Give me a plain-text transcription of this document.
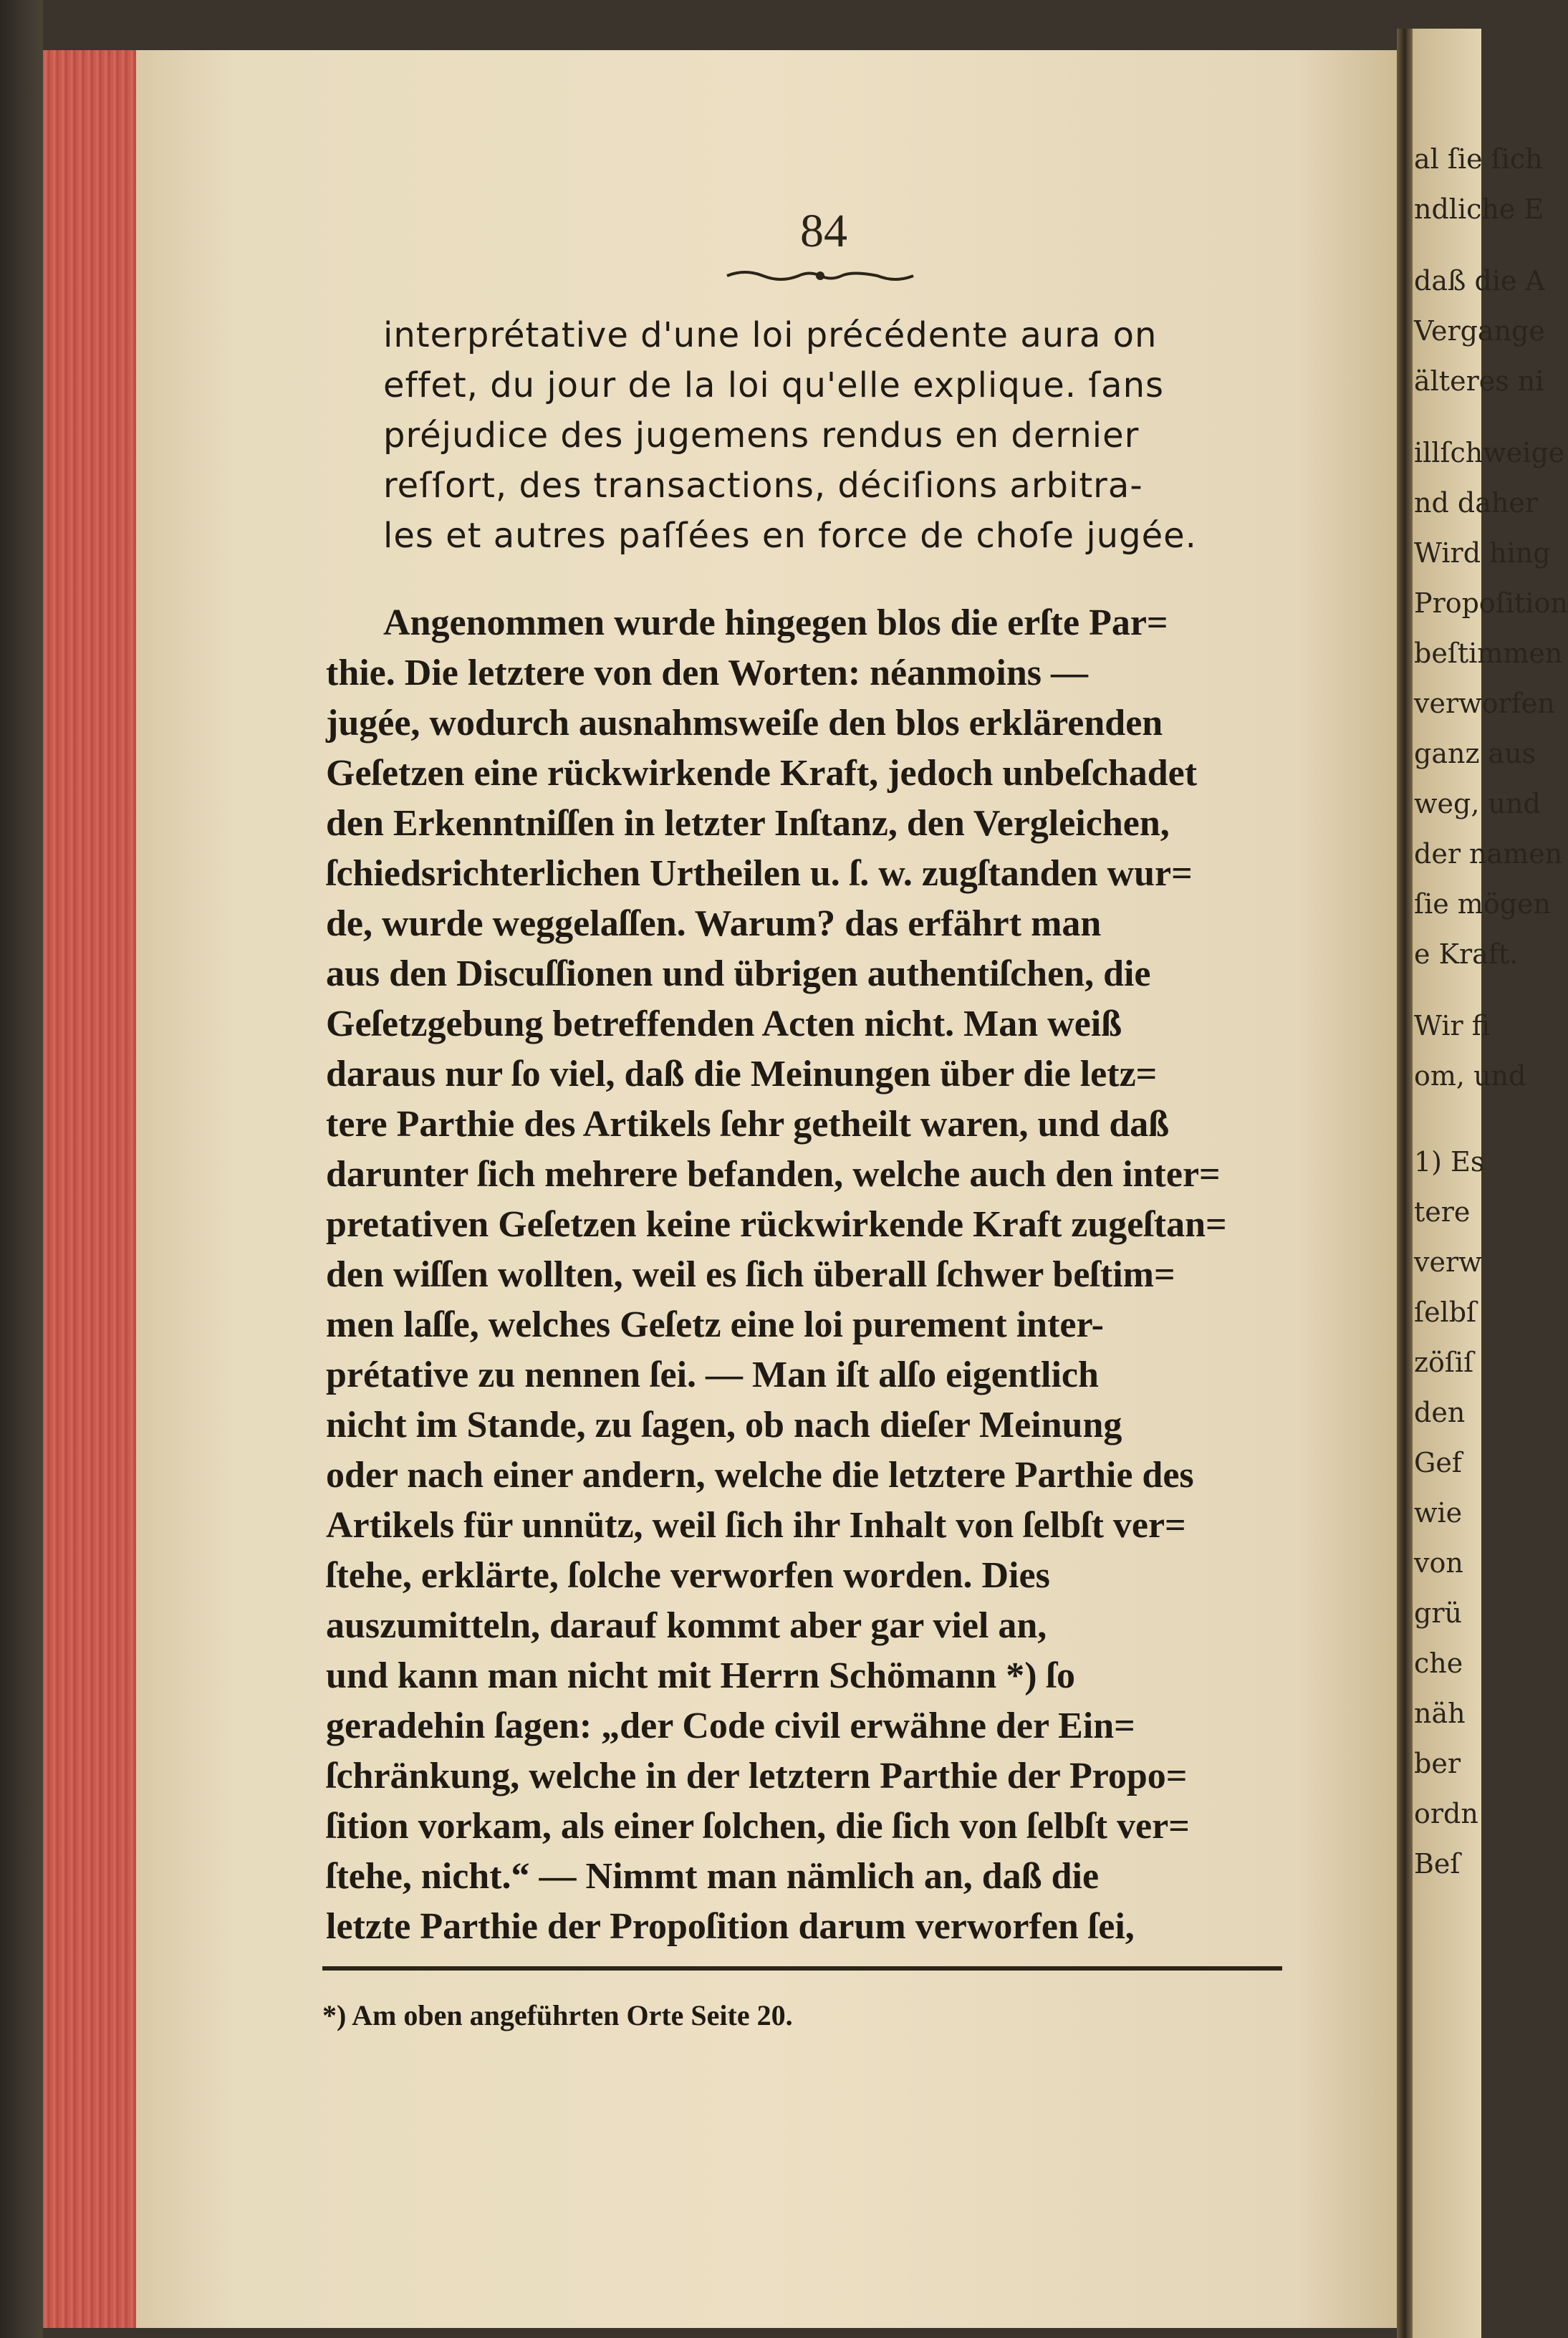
al ſie ſich
ndliche E
daß die A
Vergange
älteres ni
illſchweige
nd daher
Wird hing
Propoſition
beſtimmen
verworfen
ganz aus
weg, und
der namen
ſie mögen
e Kraft.
Wir fi
om, und
1) Es
tere
verw
ſelbſ
zöſiſ
den
Gef
wie
von
grü
che
näh
ber
ordn
Beſ
84
interprétative d'une loi précédente aura on
effet, du jour de la loi qu'elle explique. ſans
préjudice des jugemens rendus en dernier
reſſort, des transactions, déciſions arbitra-
les et autres paſſées en force de choſe jugée.
Angenommen wurde hingegen blos die erſte Par=
thie. Die letztere von den Worten: néanmoins —
jugée, wodurch ausnahmsweiſe den blos erklärenden
Geſetzen eine rückwirkende Kraft, jedoch unbeſchadet
den Erkenntniſſen in letzter Inſtanz, den Vergleichen,
ſchiedsrichterlichen Urtheilen u. ſ. w. zugſtanden wur=
de, wurde weggelaſſen. Warum? das erfährt man
aus den Discuſſionen und übrigen authentiſchen, die
Geſetzgebung betreffenden Acten nicht. Man weiß
daraus nur ſo viel, daß die Meinungen über die letz=
tere Parthie des Artikels ſehr getheilt waren, und daß
darunter ſich mehrere befanden, welche auch den inter=
pretativen Geſetzen keine rückwirkende Kraft zugeſtan=
den wiſſen wollten, weil es ſich überall ſchwer beſtim=
men laſſe, welches Geſetz eine loi purement inter-
prétative zu nennen ſei. — Man iſt alſo eigentlich
nicht im Stande, zu ſagen, ob nach dieſer Meinung
oder nach einer andern, welche die letztere Parthie des
Artikels für unnütz, weil ſich ihr Inhalt von ſelbſt ver=
ſtehe, erklärte, ſolche verworfen worden. Dies
auszumitteln, darauf kommt aber gar viel an,
und kann man nicht mit Herrn Schömann *) ſo
geradehin ſagen: „der Code civil erwähne der Ein=
ſchränkung, welche in der letztern Parthie der Propo=
ſition vorkam, als einer ſolchen, die ſich von ſelbſt ver=
ſtehe, nicht.“ — Nimmt man nämlich an, daß die
letzte Parthie der Propoſition darum verworfen ſei,
*) Am oben angeführten Orte Seite 20.
